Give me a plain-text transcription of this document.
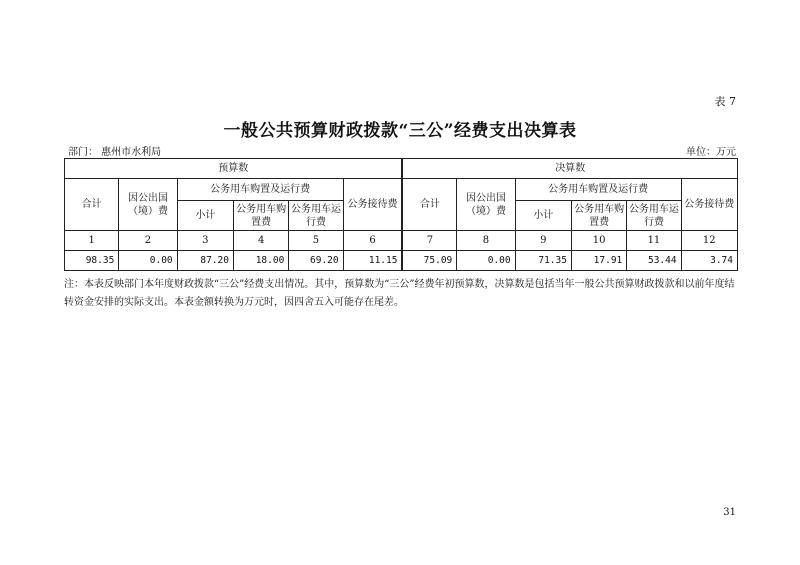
表 7
一般公共预算财政拨款“三公”经费支出决算表
部门： 惠州市水利局	单位：万元
预算数						决算数					
合计	因公出国（境）费	公务用车购置及运行费			公务接待费	合计	因公出国（境）费	公务用车购置及运行费			公务接待费
		小计	公务用车购置费	公务用车运行费				小计	公务用车购置费	公务用车运行费	
1	2	3	4	5	6	7	8	9	10	11	12
98.35	0.00	87.20	18.00	69.20	11.15	75.09	0.00	71.35	17.91	53.44	3.74
注：本表反映部门本年度财政拨款“三公”经费支出情况。其中，预算数为“三公”经费年初预算数，决算数是包括当年一般公共预算财政拨款和以前年度结转资金安排的实际支出。本表金额转换为万元时，因四舍五入可能存在尾差。
31
